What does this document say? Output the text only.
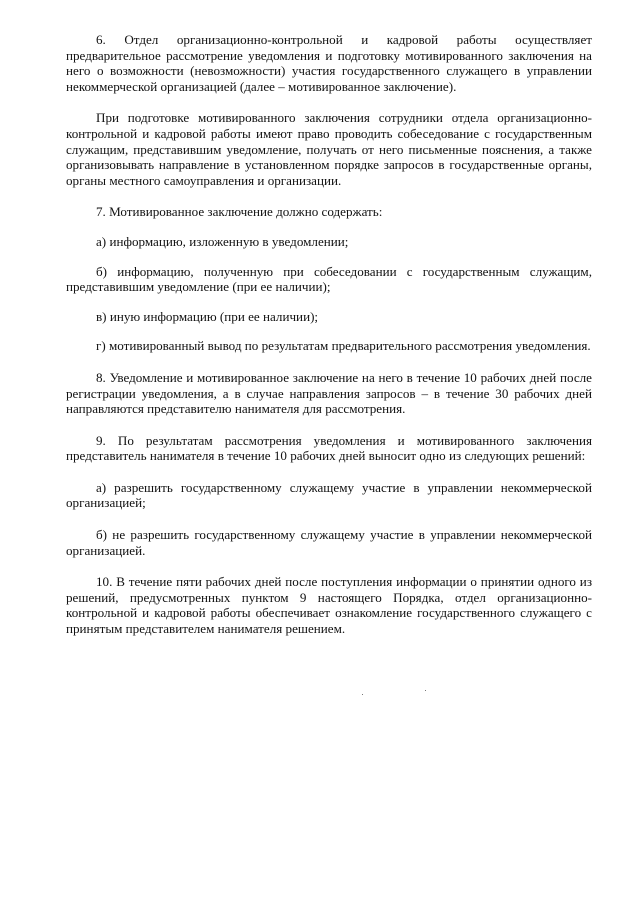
6. Отдел организационно-контрольной и кадровой работы осуществляет предварительное рассмотрение уведомления и подготовку мотивированного заключения на него о возможности (невозможности) участия государственного служащего в управлении некоммерческой организацией (далее – мотивированное заключение).

При подготовке мотивированного заключения сотрудники отдела организационно-контрольной и кадровой работы имеют право проводить собеседование с государственным служащим, представившим уведомление, получать от него письменные пояснения, а также организовывать направление в установленном порядке запросов в государственные органы, органы местного самоуправления и организации.

7. Мотивированное заключение должно содержать:

а) информацию, изложенную в уведомлении;

б) информацию, полученную при собеседовании с государственным служащим, представившим уведомление (при ее наличии);

в) иную информацию (при ее наличии);

г) мотивированный вывод по результатам предварительного рассмотрения уведомления.

8. Уведомление и мотивированное заключение на него в течение 10 рабочих дней после регистрации уведомления, а в случае направления запросов – в течение 30 рабочих дней направляются представителю нанимателя для рассмотрения.

9. По результатам рассмотрения уведомления и мотивированного заключения представитель нанимателя в течение 10 рабочих дней выносит одно из следующих решений:

а) разрешить государственному служащему участие в управлении некоммерческой организацией;

б) не разрешить государственному служащему участие в управлении некоммерческой организацией.

10. В течение пяти рабочих дней после поступления информации о принятии одного из решений, предусмотренных пунктом 9 настоящего Порядка, отдел организационно-контрольной и кадровой работы обеспечивает ознакомление государственного служащего с принятым представителем нанимателя решением.
